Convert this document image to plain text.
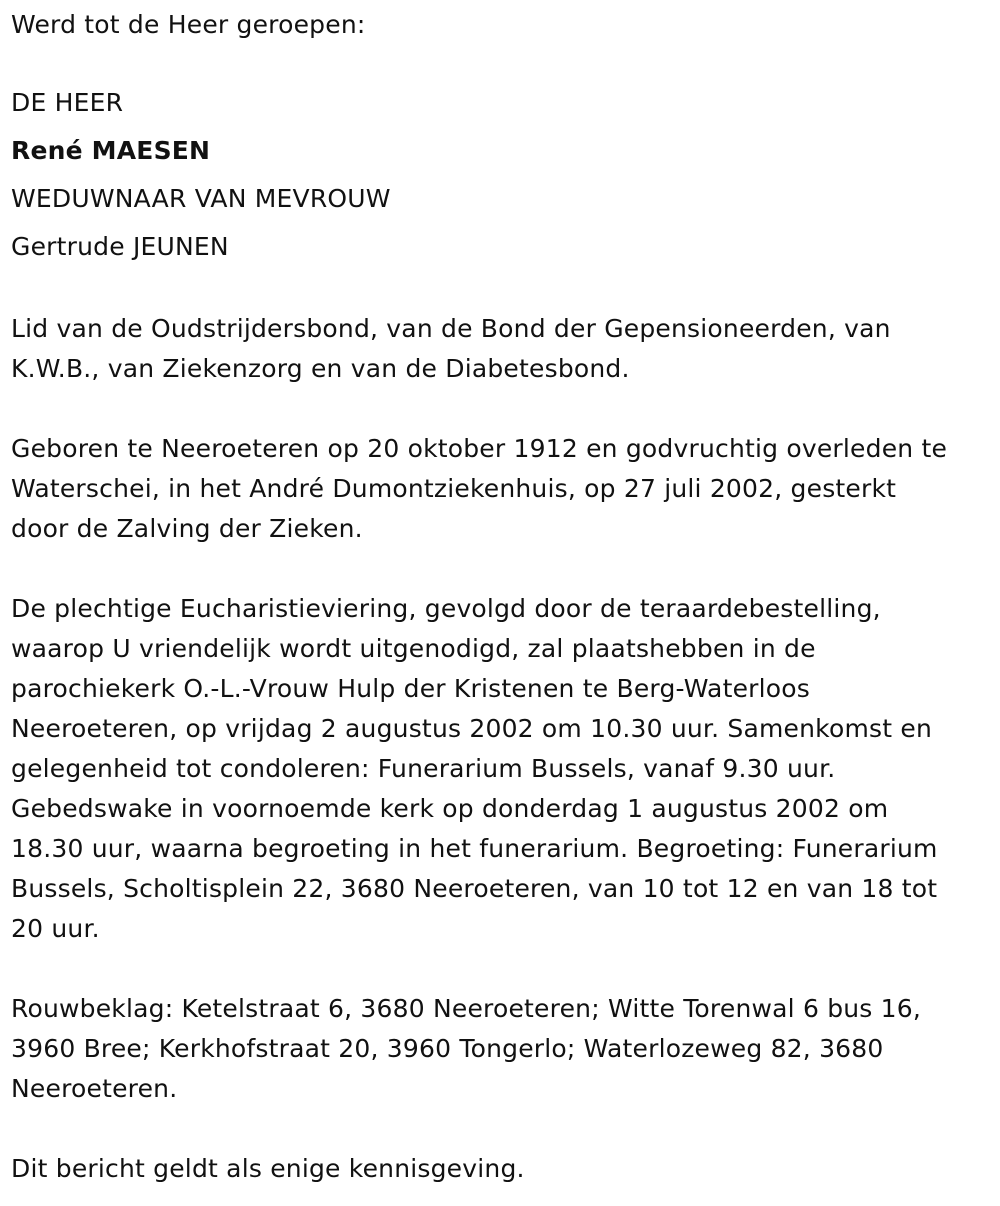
Werd tot de Heer geroepen:

DE HEER

René MAESEN

WEDUWNAAR VAN MEVROUW

Gertrude JEUNEN

Lid van de Oudstrijdersbond, van de Bond der Gepensioneerden, van
K.W.B., van Ziekenzorg en van de Diabetesbond.
Geboren te Neeroeteren op 20 oktober 1912 en godvruchtig overleden te
Waterschei, in het André Dumontziekenhuis, op 27 juli 2002, gesterkt
door de Zalving der Zieken.
De plechtige Eucharistieviering, gevolgd door de teraardebestelling,
waarop U vriendelijk wordt uitgenodigd, zal plaatshebben in de
parochiekerk O.-L.-Vrouw Hulp der Kristenen te Berg-Waterloos
Neeroeteren, op vrijdag 2 augustus 2002 om 10.30 uur. Samenkomst en
gelegenheid tot condoleren: Funerarium Bussels, vanaf 9.30 uur.
Gebedswake in voornoemde kerk op donderdag 1 augustus 2002 om
18.30 uur, waarna begroeting in het funerarium. Begroeting: Funerarium
Bussels, Scholtisplein 22, 3680 Neeroeteren, van 10 tot 12 en van 18 tot
20 uur.
Rouwbeklag: Ketelstraat 6, 3680 Neeroeteren; Witte Torenwal 6 bus 16,
3960 Bree; Kerkhofstraat 20, 3960 Tongerlo; Waterlozeweg 82, 3680
Neeroeteren.

Dit bericht geldt als enige kennisgeving.
